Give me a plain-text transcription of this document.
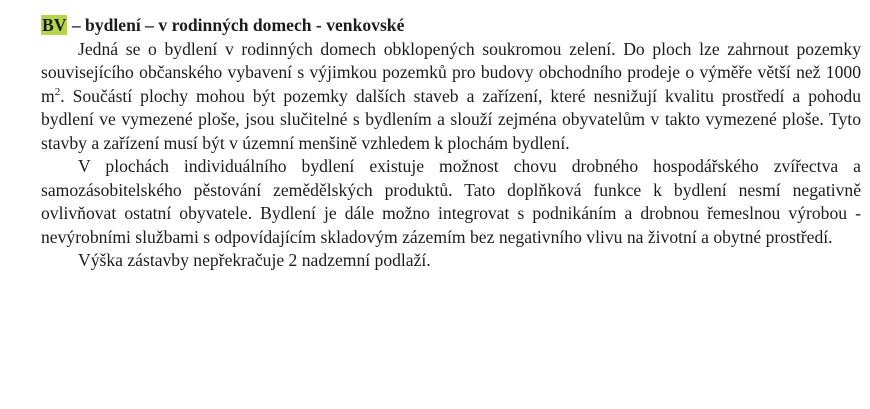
BV – bydlení – v rodinných domech - venkovské

Jedná se o bydlení v rodinných domech obklopených soukromou zelení. Do ploch lze zahrnout pozemky souvisejícího občanského vybavení s výjimkou pozemků pro budovy obchodního prodeje o výměře větší než 1000 $m^2$. Součástí plochy mohou být pozemky dalších staveb a zařízení, které nesnižují kvalitu prostředí a pohodu bydlení ve vymezené ploše, jsou slučitelné s bydlením a slouží zejména obyvatelům v takto vymezené ploše. Tyto stavby a zařízení musí být v územní menšině vzhledem k plochám bydlení.

V plochách individuálního bydlení existuje možnost chovu drobného hospodářského zvířectva a samozásobitelského pěstování zemědělských produktů. Tato doplňková funkce k bydlení nesmí negativně ovlivňovat ostatní obyvatele. Bydlení je dále možno integrovat s podnikáním a drobnou řemeslnou výrobou - nevýrobními službami s odpovídajícím skladovým zázemím bez negativního vlivu na životní a obytné prostředí.

Výška zástavby nepřekračuje 2 nadzemní podlaží.
